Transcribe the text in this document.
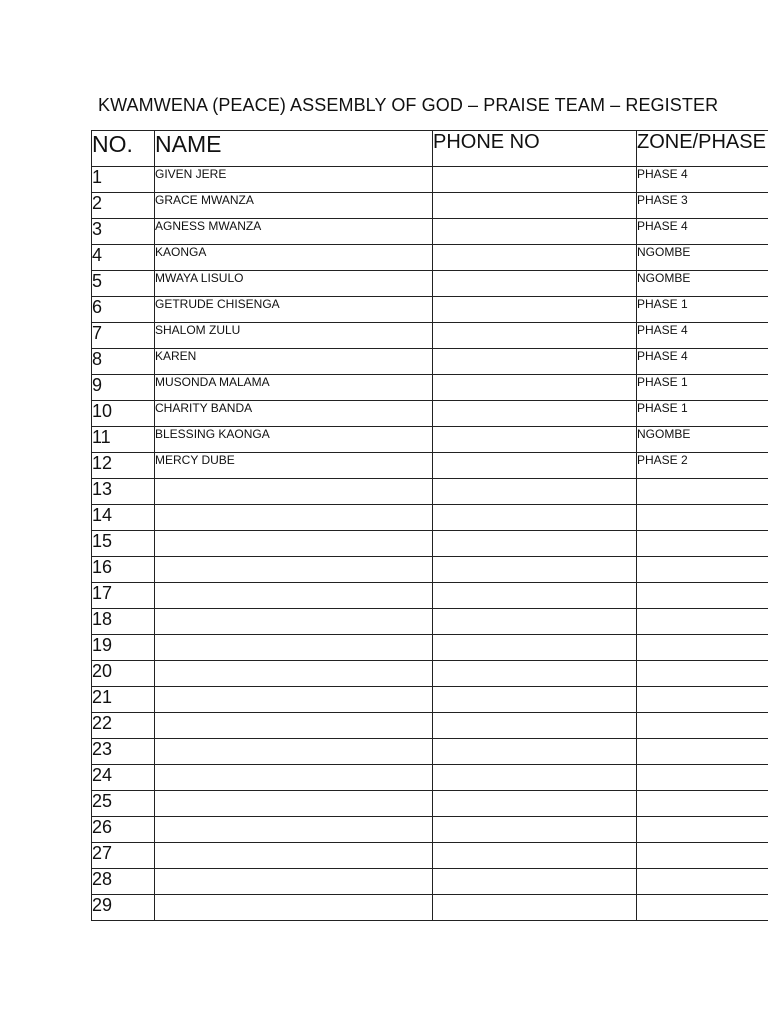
KWAMWENA (PEACE) ASSEMBLY OF GOD – PRAISE TEAM – REGISTER
NO.	NAME	PHONE NO	ZONE/PHASE
1	GIVEN JERE		PHASE 4
2	GRACE MWANZA		PHASE 3
3	AGNESS MWANZA		PHASE 4
4	KAONGA		NGOMBE
5	MWAYA LISULO		NGOMBE
6	GETRUDE CHISENGA		PHASE 1
7	SHALOM ZULU		PHASE 4
8	KAREN		PHASE 4
9	MUSONDA MALAMA		PHASE 1
10	CHARITY BANDA		PHASE 1
11	BLESSING KAONGA		NGOMBE
12	MERCY DUBE		PHASE 2
13			
14			
15			
16			
17			
18			
19			
20			
21			
22			
23			
24			
25			
26			
27			
28			
29			
